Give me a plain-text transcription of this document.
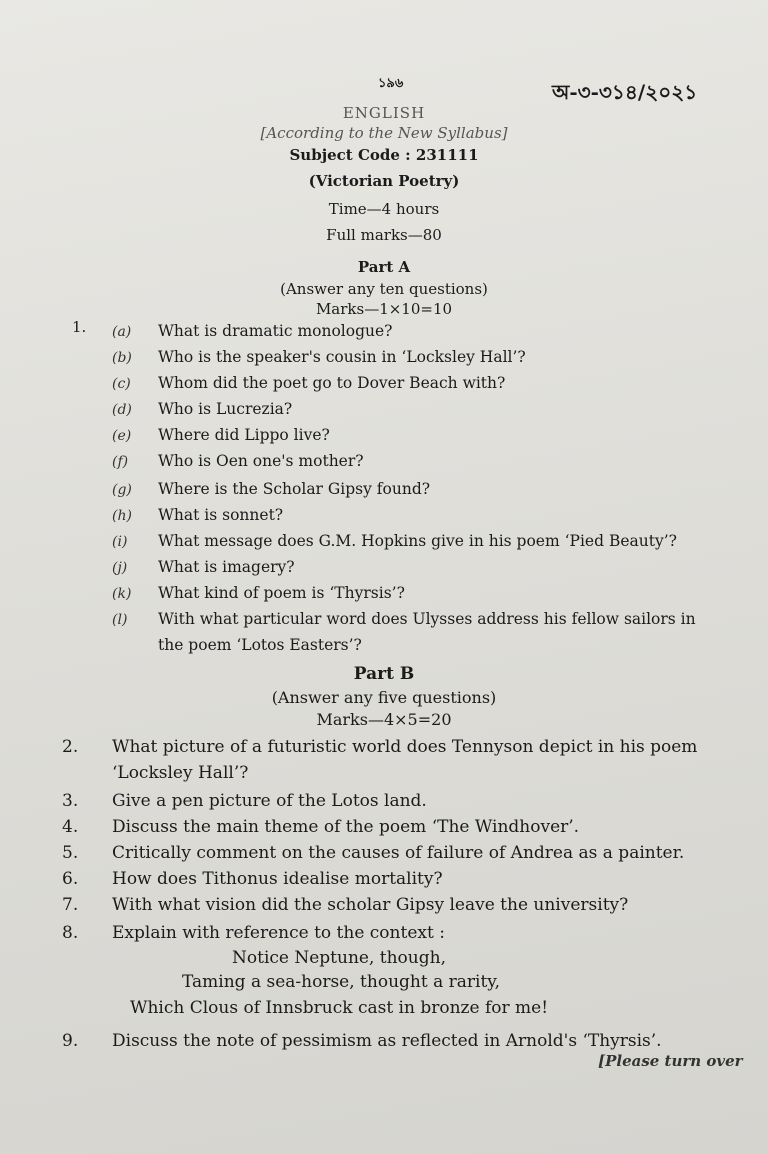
১৯৬	অ-৩-৩১৪/২০২১
ENGLISH
[According to the New Syllabus]
Subject Code : 231111
(Victorian Poetry)
Time—4 hours
Full marks—80
Part A
(Answer any ten questions)
Marks—1×10=10
1. (a) What is dramatic monologue?
(b) Who is the speaker's cousin in ‘Locksley Hall’?
(c) Whom did the poet go to Dover Beach with?
(d) Who is Lucrezia?
(e) Where did Lippo live?
(f) Who is Oen one's mother?
(g) Where is the Scholar Gipsy found?
(h) What is sonnet?
(i) What message does G.M. Hopkins give in his poem ‘Pied Beauty’?
(j) What is imagery?
(k) What kind of poem is ‘Thyrsis’?
(l) With what particular word does Ulysses address his fellow sailors in the poem ‘Lotos Easters’?
Part B
(Answer any five questions)
Marks—4×5=20
2.	What picture of a futuristic world does Tennyson depict in his poem ‘Locksley Hall’?
3.	Give a pen picture of the Lotos land.
4.	Discuss the main theme of the poem ‘The Windhover’.
5.	Critically comment on the causes of failure of Andrea as a painter.
6.	How does Tithonus idealise mortality?
7.	With what vision did the scholar Gipsy leave the university?
8.	Explain with reference to the context :
Notice Neptune, though,
Taming a sea-horse, thought a rarity,
Which Clous of Innsbruck cast in bronze for me!
9.	Discuss the note of pessimism as reflected in Arnold's ‘Thyrsis’.
[Please turn over
